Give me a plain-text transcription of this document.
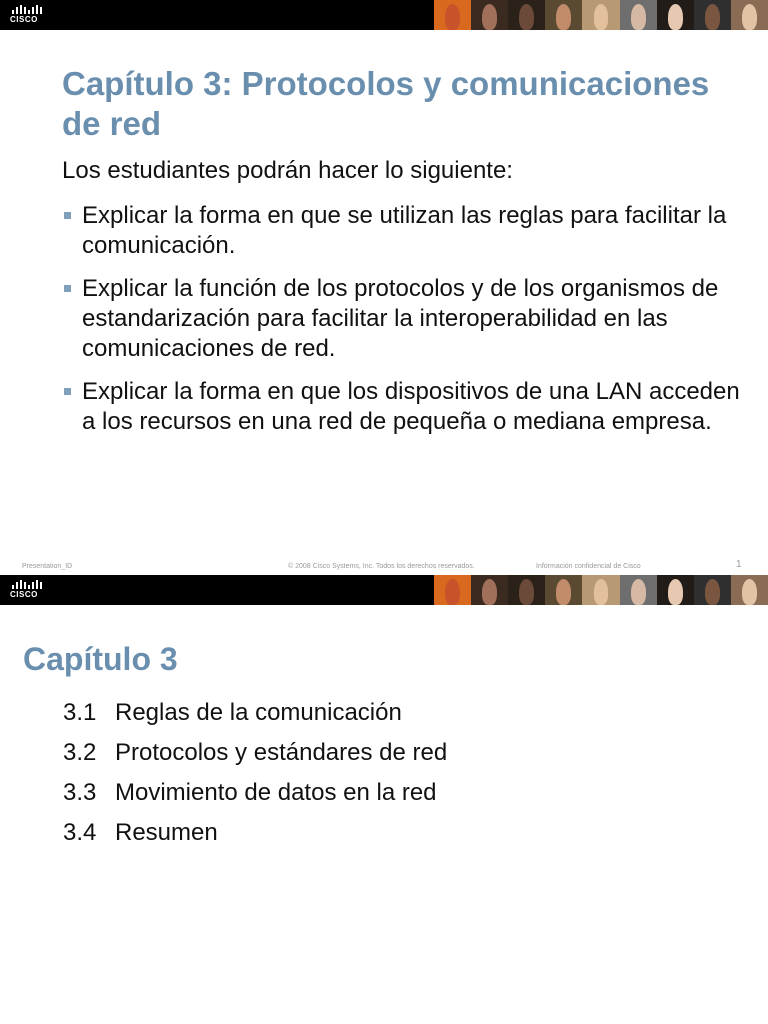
CISCO
Capítulo 3: Protocolos y comunicaciones de red

Los estudiantes podrán hacer lo siguiente:

Explicar la forma en que se utilizan las reglas para facilitar la comunicación.
Explicar la función de los protocolos y de los organismos de estandarización para facilitar la interoperabilidad en las comunicaciones de red.
Explicar la forma en que los dispositivos de una LAN acceden a los recursos en una red de pequeña o mediana empresa.
Presentation_ID	© 2008 Cisco Systems, Inc. Todos los derechos reservados.	Información confidencial de Cisco	1
CISCO
Capítulo 3
3.1 Reglas de la comunicación
3.2 Protocolos y estándares de red
3.3 Movimiento de datos en la red
3.4 Resumen
